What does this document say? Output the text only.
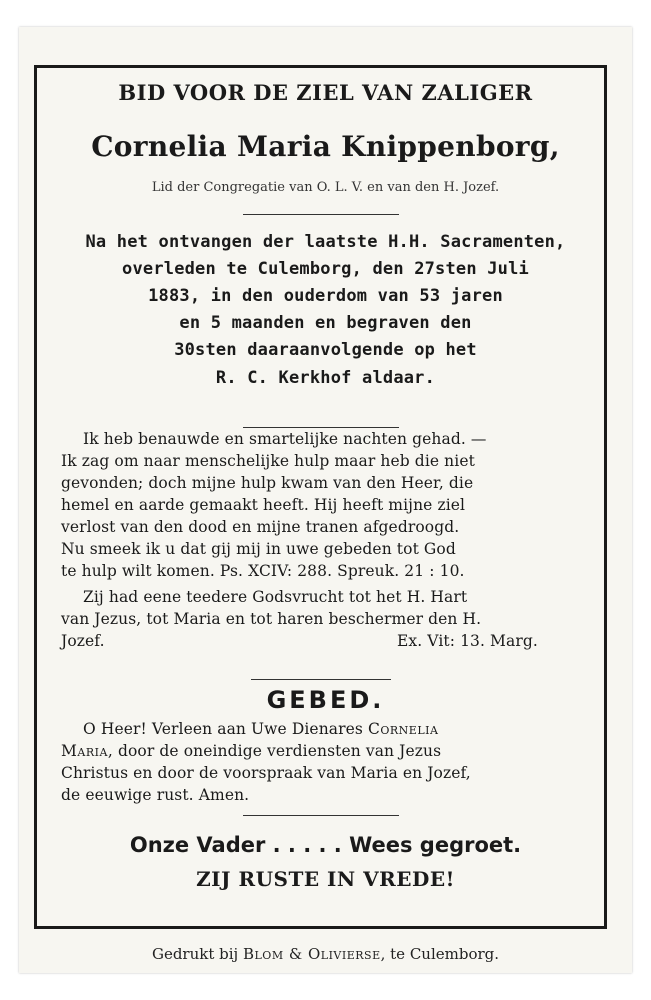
BID VOOR DE ZIEL VAN ZALIGER
Cornelia Maria Knippenborg,
Lid der Congregatie van O. L. V. en van den H. Jozef.
Na het ontvangen der laatste H.H. Sacramenten,
overleden te Culemborg, den 27sten Juli
1883, in den ouderdom van 53 jaren
en 5 maanden en begraven den
30sten daaraanvolgende op het
R. C. Kerkhof aldaar.
Ik heb benauwde en smartelijke nachten gehad. —
Ik zag om naar menschelijke hulp maar heb die niet
gevonden; doch mijne hulp kwam van den Heer, die
hemel en aarde gemaakt heeft. Hij heeft mijne ziel
verlost van den dood en mijne tranen afgedroogd.
Nu smeek ik u dat gij mij in uwe gebeden tot God
te hulp wilt komen. Ps. XCIV: 288. Spreuk. 21 : 10.
Zij had eene teedere Godsvrucht tot het H. Hart
van Jezus, tot Maria en tot haren beschermer den H.
Jozef.	Ex. Vit: 13. Marg.
GEBED.
O Heer! Verleen aan Uwe Dienares Cornelia
Maria, door de oneindige verdiensten van Jezus
Christus en door de voorspraak van Maria en Jozef,
de eeuwige rust. Amen.
Onze Vader . . . . . Wees gegroet.
ZIJ RUSTE IN VREDE!
Gedrukt bij Blom & Olivierse, te Culemborg.
